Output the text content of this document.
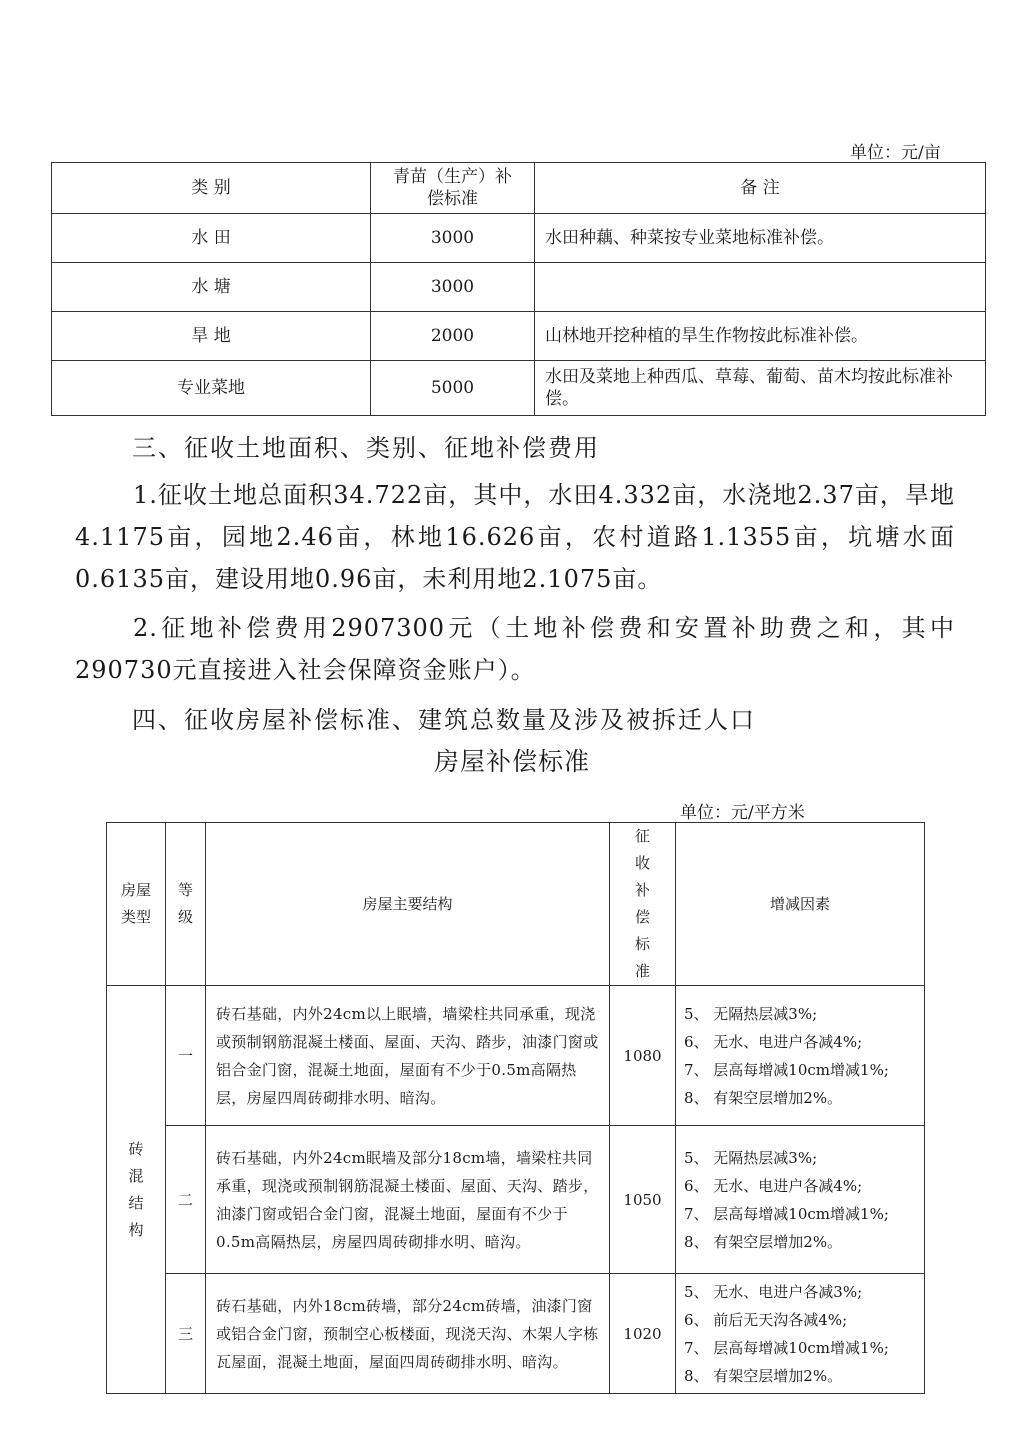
单位：元/亩
类 别	青苗（生产）补偿标准	备 注
水 田	3000	水田种藕、种菜按专业菜地标准补偿。
水 塘	3000	
旱 地	2000	山林地开挖种植的旱生作物按此标准补偿。
专业菜地	5000	水田及菜地上种西瓜、草莓、葡萄、苗木均按此标准补偿。
三、征收土地面积、类别、征地补偿费用
1.征收土地总面积34.722亩，其中，水田4.332亩，水浇地2.37亩，旱地4.1175亩，园地2.46亩，林地16.626亩，农村道路1.1355亩，坑塘水面0.6135亩，建设用地0.96亩，未利用地2.1075亩。
2.征地补偿费用2907300元（土地补偿费和安置补助费之和，其中290730元直接进入社会保障资金账户）。
四、征收房屋补偿标准、建筑总数量及涉及被拆迁人口
房屋补偿标准
单位：元/平方米
房屋类型	等级	房屋主要结构	征收补偿标准	增减因素
砖混结构	一	砖石基础，内外24cm以上眠墙，墙梁柱共同承重，现浇或预制钢筋混凝土楼面、屋面、天沟、踏步，油漆门窗或铝合金门窗，混凝土地面，屋面有不少于0.5m高隔热层，房屋四周砖砌排水明、暗沟。	1080	5、 无隔热层减3%;
6、 无水、电进户各减4%;
7、 层高每增减10cm增减1%;
8、 有架空层增加2%。

	二	砖石基础，内外24cm眠墙及部分18cm墙，墙梁柱共同承重，现浇或预制钢筋混凝土楼面、屋面、天沟、踏步，油漆门窗或铝合金门窗，混凝土地面，屋面有不少于0.5m高隔热层，房屋四周砖砌排水明、暗沟。	1050	5、 无隔热层减3%;
6、 无水、电进户各减4%;
7、 层高每增减10cm增减1%;
8、 有架空层增加2%。

	三	砖石基础，内外18cm砖墙，部分24cm砖墙，油漆门窗或铝合金门窗，预制空心板楼面，现浇天沟、木架人字栋瓦屋面，混凝土地面，屋面四周砖砌排水明、暗沟。	1020	5、 无水、电进户各减3%;
6、 前后无天沟各减4%;
7、 层高每增减10cm增减1%;
8、 有架空层增加2%。
